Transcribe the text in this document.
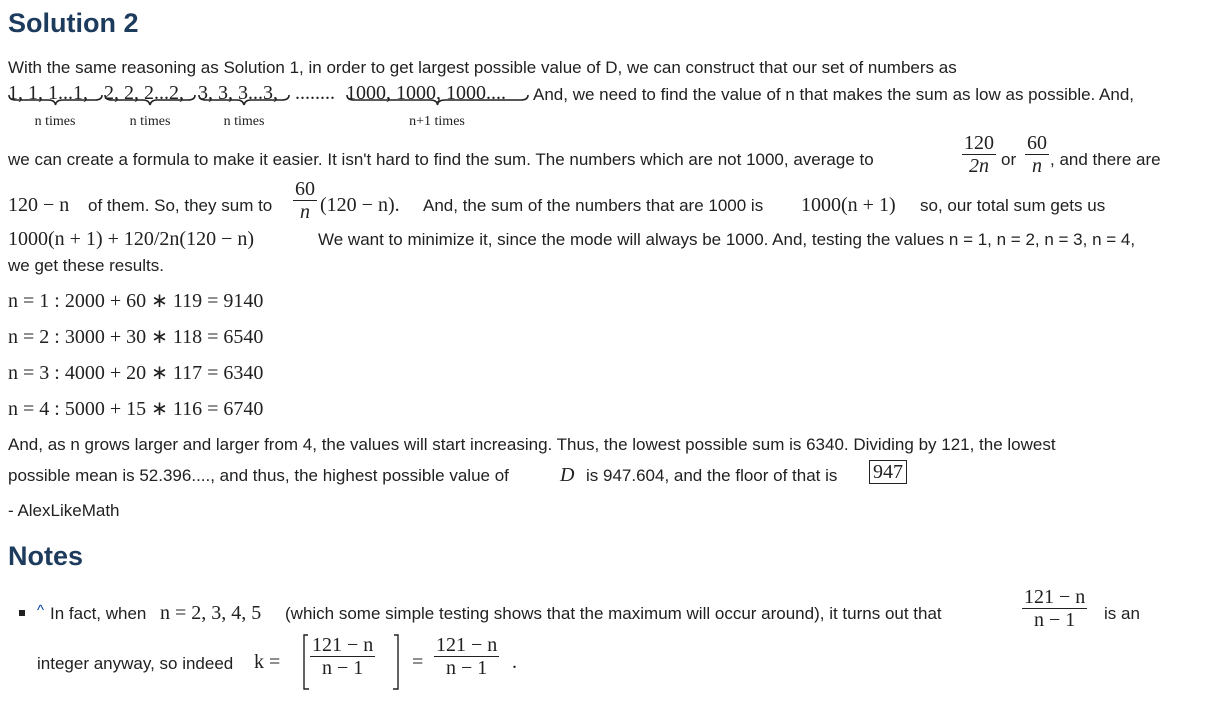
Solution 2
With the same reasoning as Solution 1, in order to get largest possible value of D, we can construct that our set of numbers as
1, 1, 1...1, 2, 2, 2...2, 3, 3, 3...3, ........ 1000, 1000, 1000.... And, we need to find the value of n that makes the sum as low as possible. And,
n times	n times	n times	n+1 times
we can create a formula to make it easier. It isn't hard to find the sum. The numbers which are not 1000, average to	$\frac{120}{2n}$ or $\frac{60}{n}$ , and there are
120 − n of them. So, they sum to $\frac{60}{n} (120 - n)$. And, the sum of the numbers that are 1000 is 1000(n + 1) so, our total sum gets us
1000(n + 1) + 120/2n(120 − n)	We want to minimize it, since the mode will always be 1000. And, testing the values n = 1, n = 2, n = 3, n = 4,
we get these results.
n = 1 : 2000 + 60 ∗ 119 = 9140
n = 2 : 3000 + 30 ∗ 118 = 6540
n = 3 : 4000 + 20 ∗ 117 = 6340
n = 4 : 5000 + 15 ∗ 116 = 6740
And, as n grows larger and larger from 4, the values will start increasing. Thus, the lowest possible sum is 6340. Dividing by 121, the lowest
possible mean is 52.396...., and thus, the highest possible value of	D is 947.604, and the floor of that is 947
- AlexLikeMath
Notes
^ In fact, when n = 2, 3, 4, 5 (which some simple testing shows that the maximum will occur around), it turns out that	$\frac{121 - n}{n - 1}$ is an
integer anyway, so indeed $k = \frac{121 - n}{n - 1} = \frac{121 - n}{n - 1}$ .
